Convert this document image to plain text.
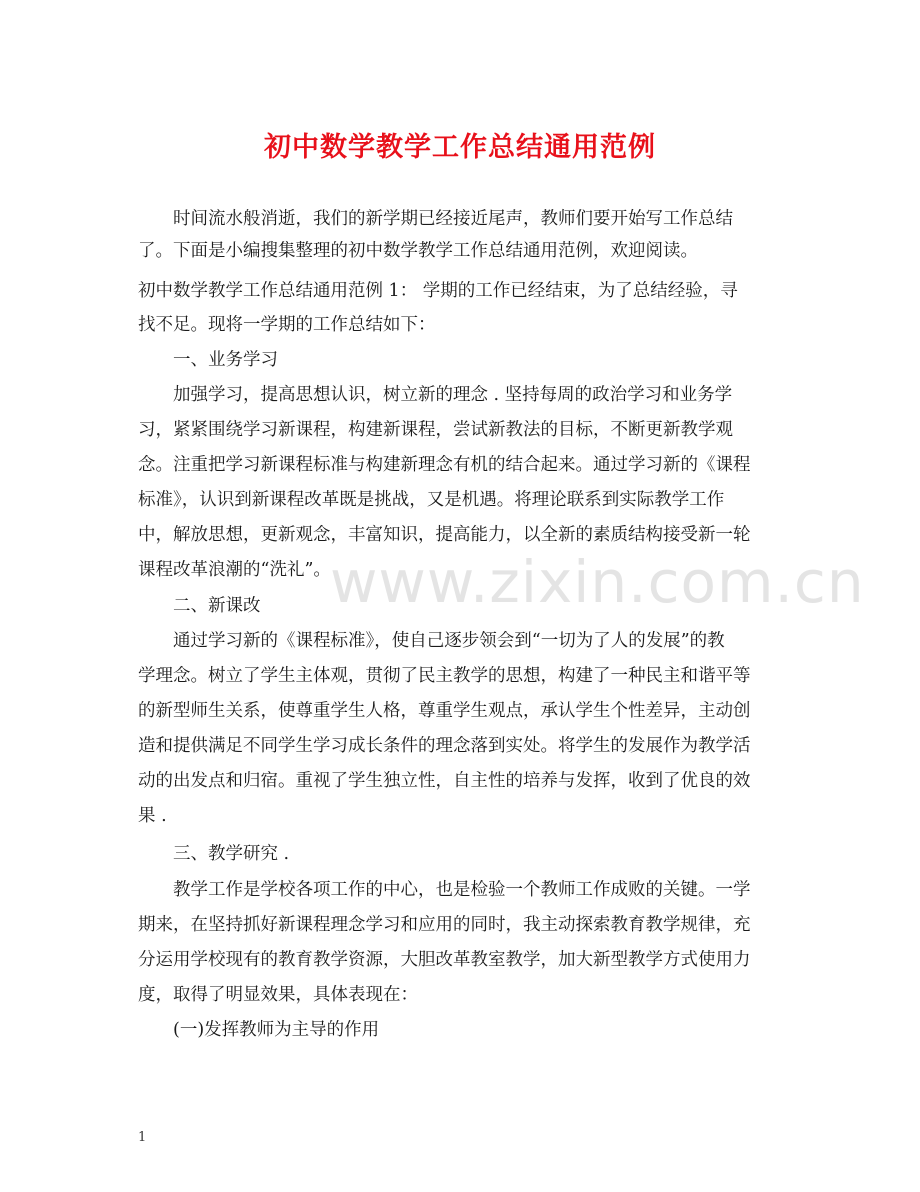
www.zixin.com.cn
初中数学教学工作总结通用范例
时间流水般消逝，我们的新学期已经接近尾声，教师们要开始写工作总结
了。下面是小编搜集整理的初中数学教学工作总结通用范例，欢迎阅读。
初中数学教学工作总结通用范例 1： 学期的工作已经结束，为了总结经验，寻
找不足。现将一学期的工作总结如下：
一、业务学习
加强学习，提高思想认识，树立新的理念 . 坚持每周的政治学习和业务学
习，紧紧围绕学习新课程，构建新课程，尝试新教法的目标，不断更新教学观
念。注重把学习新课程标准与构建新理念有机的结合起来。通过学习新的《课程
标准》，认识到新课程改革既是挑战，又是机遇。将理论联系到实际教学工作
中，解放思想，更新观念，丰富知识，提高能力，以全新的素质结构接受新一轮
课程改革浪潮的“洗礼”。
二、新课改
通过学习新的《课程标准》，使自己逐步领会到“一切为了人的发展”的教
学理念。树立了学生主体观，贯彻了民主教学的思想，构建了一种民主和谐平等
的新型师生关系，使尊重学生人格，尊重学生观点，承认学生个性差异，主动创
造和提供满足不同学生学习成长条件的理念落到实处。将学生的发展作为教学活
动的出发点和归宿。重视了学生独立性，自主性的培养与发挥，收到了优良的效
果 .
三、教学研究 .
教学工作是学校各项工作的中心，也是检验一个教师工作成败的关键。一学
期来，在坚持抓好新课程理念学习和应用的同时，我主动探索教育教学规律，充
分运用学校现有的教育教学资源，大胆改革教室教学，加大新型教学方式使用力
度，取得了明显效果，具体表现在：
(一)发挥教师为主导的作用
1
